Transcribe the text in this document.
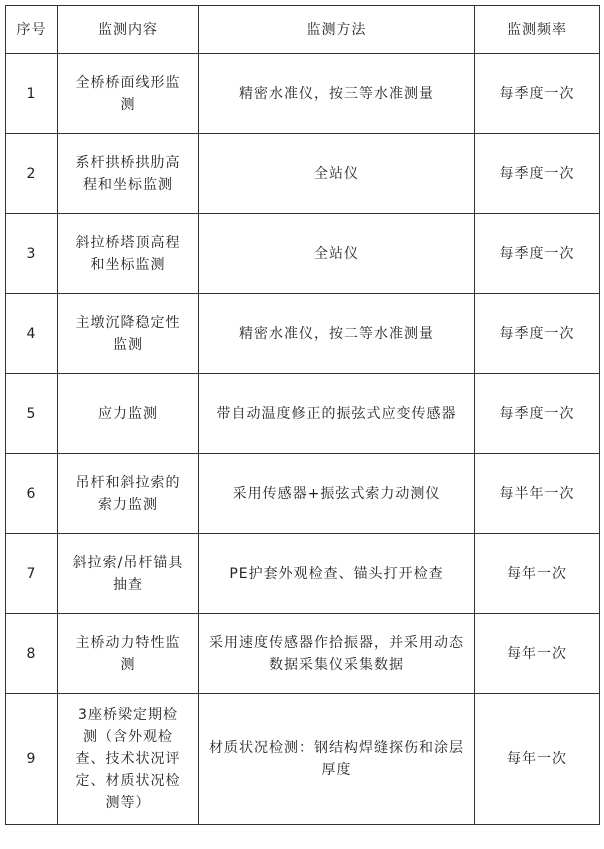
序号	监测内容	监测方法	监测频率
1	全桥桥面线形监测	精密水准仪，按三等水准测量	每季度一次
2	系杆拱桥拱肋高程和坐标监测	全站仪	每季度一次
3	斜拉桥塔顶高程和坐标监测	全站仪	每季度一次
4	主墩沉降稳定性监测	精密水准仪，按二等水准测量	每季度一次
5	应力监测	带自动温度修正的振弦式应变传感器	每季度一次
6	吊杆和斜拉索的索力监测	采用传感器+振弦式索力动测仪	每半年一次
7	斜拉索/吊杆锚具抽查	PE护套外观检查、锚头打开检查	每年一次
8	主桥动力特性监测	采用速度传感器作拾振器，并采用动态数据采集仪采集数据	每年一次
9	3座桥梁定期检测（含外观检查、技术状况评定、材质状况检测等）	材质状况检测：钢结构焊缝探伤和涂层厚度	每年一次
